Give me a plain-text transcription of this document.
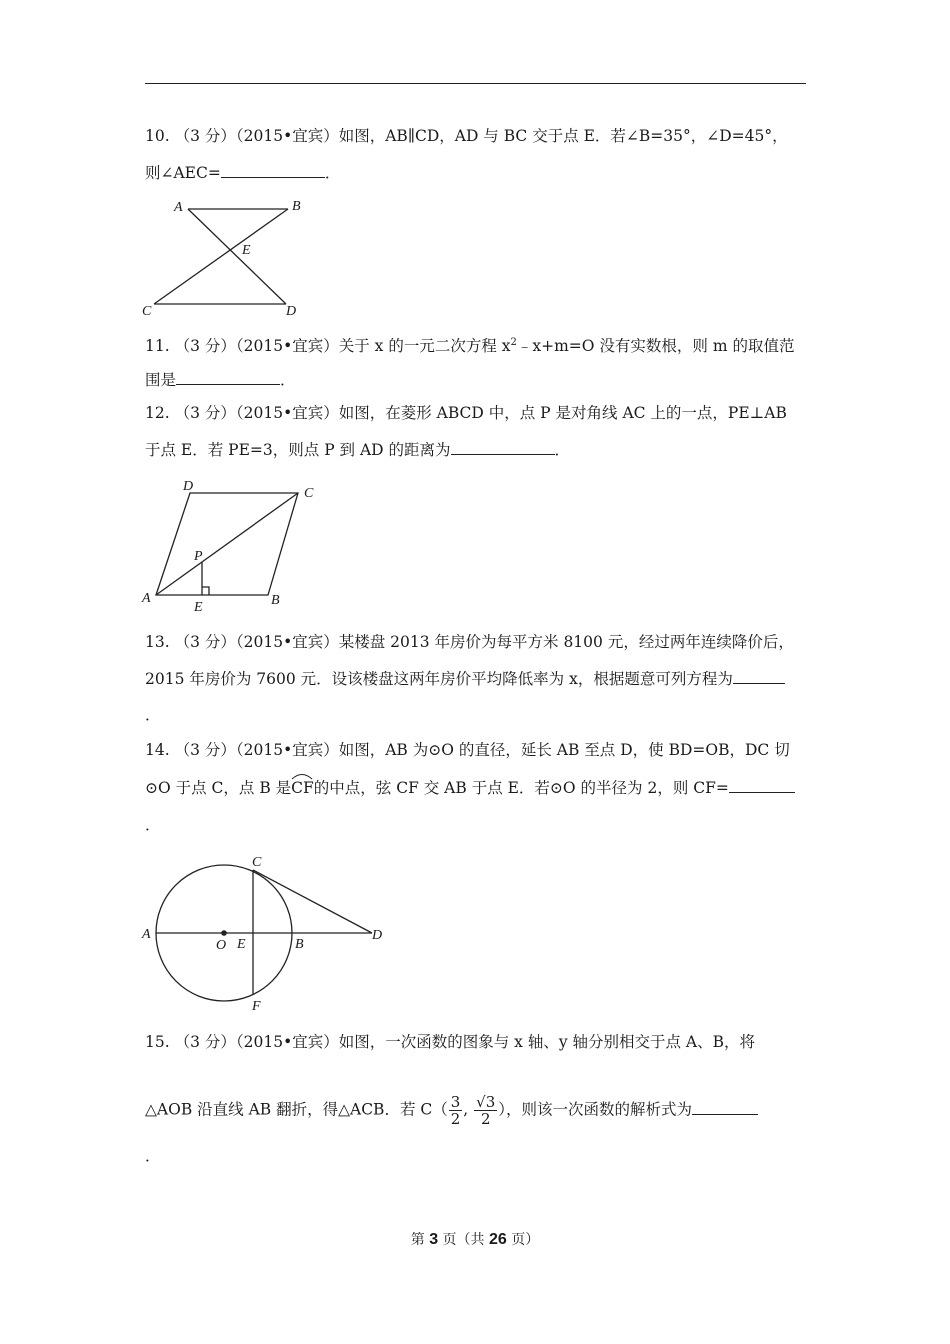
10. （3 分）（2015•宜宾）如图，AB∥CD，AD 与 BC 交于点 E．若∠B=35°，∠D=45°，
则∠AEC=	．
A	B
C	D
E
11. （3 分）（2015•宜宾）关于 x 的一元二次方程 $x^2﹣x+m=O$ 没有实数根，则 m 的取值范
围是	．
12. （3 分）（2015•宜宾）如图，在菱形 ABCD 中，点 P 是对角线 AC 上的一点，PE⊥AB
于点 E．若 PE=3，则点 P 到 AD 的距离为	．
A	B
C
D
E
P
13. （3 分）（2015•宜宾）某楼盘 2013 年房价为每平方米 8100 元，经过两年连续降价后，
2015 年房价为 7600 元．设该楼盘这两年房价平均降低率为 x，根据题意可列方程为
．
14. （3 分）（2015•宜宾）如图，AB 为⊙O 的直径，延长 AB 至点 D，使 BD=OB，DC 切
⊙O 于点 C，点 B 是
CF的中点，弦 CF 交 AB 于点 E．若⊙O 的半径为 2，则 CF=
．
A
B
C
D
E
F
O
15. （3 分）（2015•宜宾）如图，一次函数的图象与 x 轴、y 轴分别相交于点 A、B，将
△AOB 沿直线 AB 翻折，得△ACB．若 $C( \frac{3}{2}$ , $\frac{√3}{2}$ ），则该一次函数的解析式为
．
第 3 页（共 26 页）
